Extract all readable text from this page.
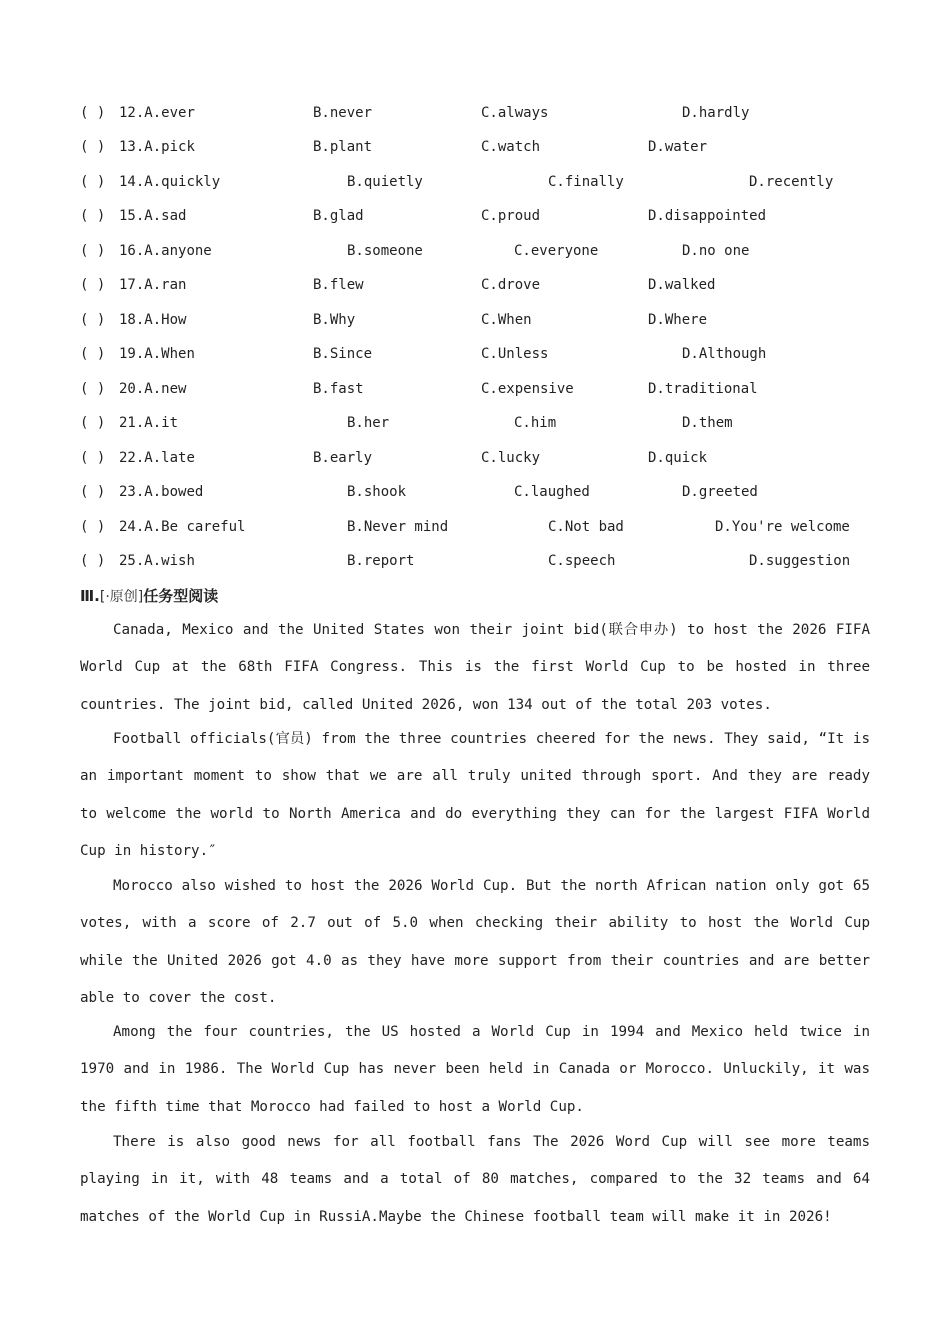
( ) 12.A.ever	B.never	C.always	D.hardly
( ) 13.A.pick	B.plant	C.watch	D.water
( ) 14.A.quickly	B.quietly	C.finally	D.recently
( ) 15.A.sad	B.glad	C.proud	D.disappointed
( ) 16.A.anyone	B.someone	C.everyone	D.no one
( ) 17.A.ran	B.flew	C.drove	D.walked
( ) 18.A.How	B.Why	C.When	D.Where
( ) 19.A.When	B.Since	C.Unless	D.Although
( ) 20.A.new	B.fast	C.expensive	D.traditional
( ) 21.A.it	B.her	C.him	D.them
( ) 22.A.late	B.early	C.lucky	D.quick
( ) 23.A.bowed	B.shook	C.laughed	D.greeted
( ) 24.A.Be careful	B.Never mind	C.Not bad	D.You're welcome
( ) 25.A.wish	B.report	C.speech	D.suggestion
Ⅲ.[·原创]任务型阅读

Canada, Mexico and the United States won their joint bid(联合申办) to host the 2026 FIFA World Cup at the 68th FIFA Congress. This is the first World Cup to be hosted in three countries. The joint bid, called United 2026, won 134 out of the total 203 votes.

Football officials(官员) from the three countries cheered for the news. They said, “It is an important moment to show that we are all truly united through sport. And they are ready to welcome the world to North America and do everything they can for the largest FIFA World Cup in history.″

Morocco also wished to host the 2026 World Cup. But the north African nation only got 65 votes, with a score of 2.7 out of 5.0 when checking their ability to host the World Cup while the United 2026 got 4.0 as they have more support from their countries and are better able to cover the cost.

Among the four countries, the US hosted a World Cup in 1994 and Mexico held twice in 1970 and in 1986. The World Cup has never been held in Canada or Morocco. Unluckily, it was the fifth time that Morocco had failed to host a World Cup.

There is also good news for all football fans The 2026 Word Cup will see more teams playing in it, with 48 teams and a total of 80 matches, compared to the 32 teams and 64 matches of the World Cup in RussiA.Maybe the Chinese football team will make it in 2026!
